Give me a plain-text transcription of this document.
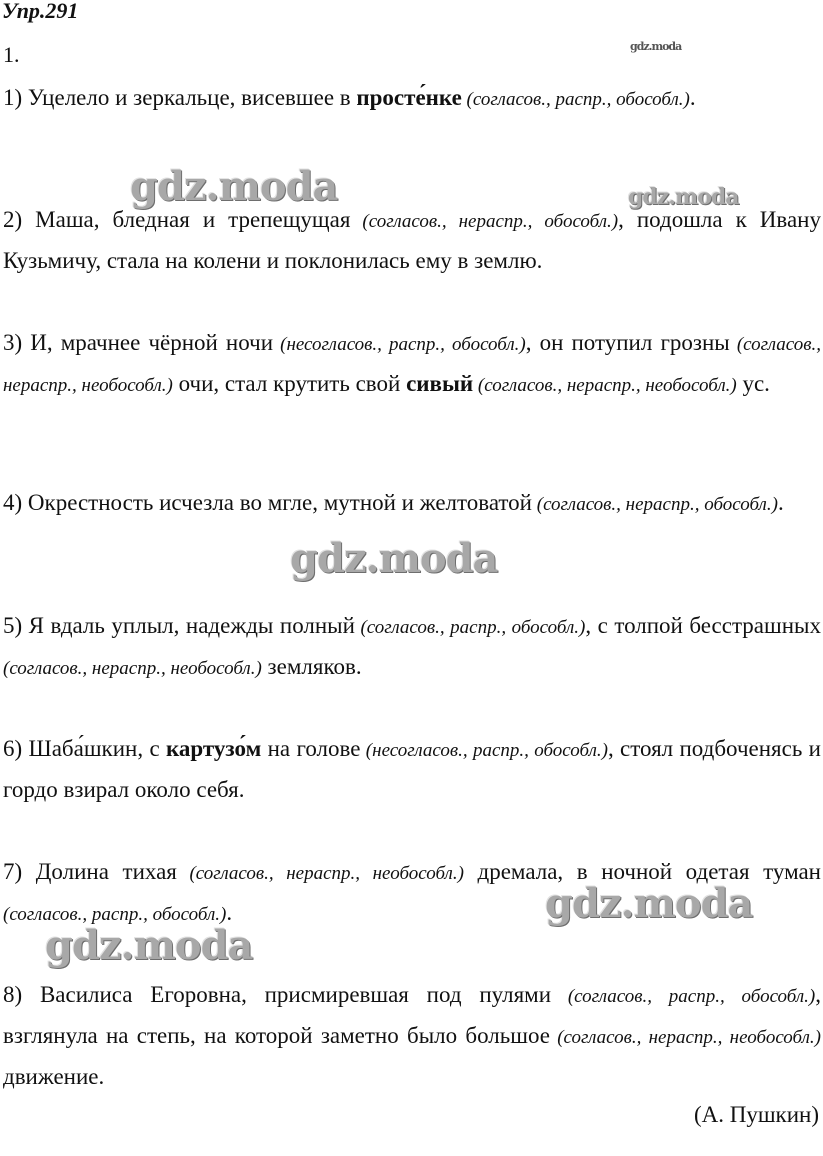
Упр.291
1.
1) Уцелело и зеркальце, висевшее в просте́нке (согласов., распр., обособл.).
2) Маша, бледная и трепещущая (согласов., нераспр., обособл.), подошла к Ивану Кузьмичу, стала на колени и поклонилась ему в землю.
3) И, мрачнее чёрной ночи (несогласов., распр., обособл.), он потупил грозны (согласов., нераспр., необособл.) очи, стал крутить свой сивый (согласов., нераспр., необособл.) ус.
4) Окрестность исчезла во мгле, мутной и желтоватой (согласов., нераспр., обособл.).
5) Я вдаль уплыл, надежды полный (согласов., распр., обособл.), с толпой бесстрашных (согласов., нераспр., необособл.) земляков.
6) Шаба́шкин, с картузо́м на голове (несогласов., распр., обособл.), стоял подбоченясь и гордо взирал около себя.
7) Долина тихая (согласов., нераспр., необособл.) дремала, в ночной одетая туман (согласов., распр., обособл.).
8) Василиса Егоровна, присмиревшая под пулями (согласов., распр., обособл.), взглянула на степь, на которой заметно было большое (согласов., нераспр., необособл.) движение.
(А. Пушкин)
gdz.moda
gdz.moda	gdz.moda
gdz.moda
gdz.moda
gdz.moda
